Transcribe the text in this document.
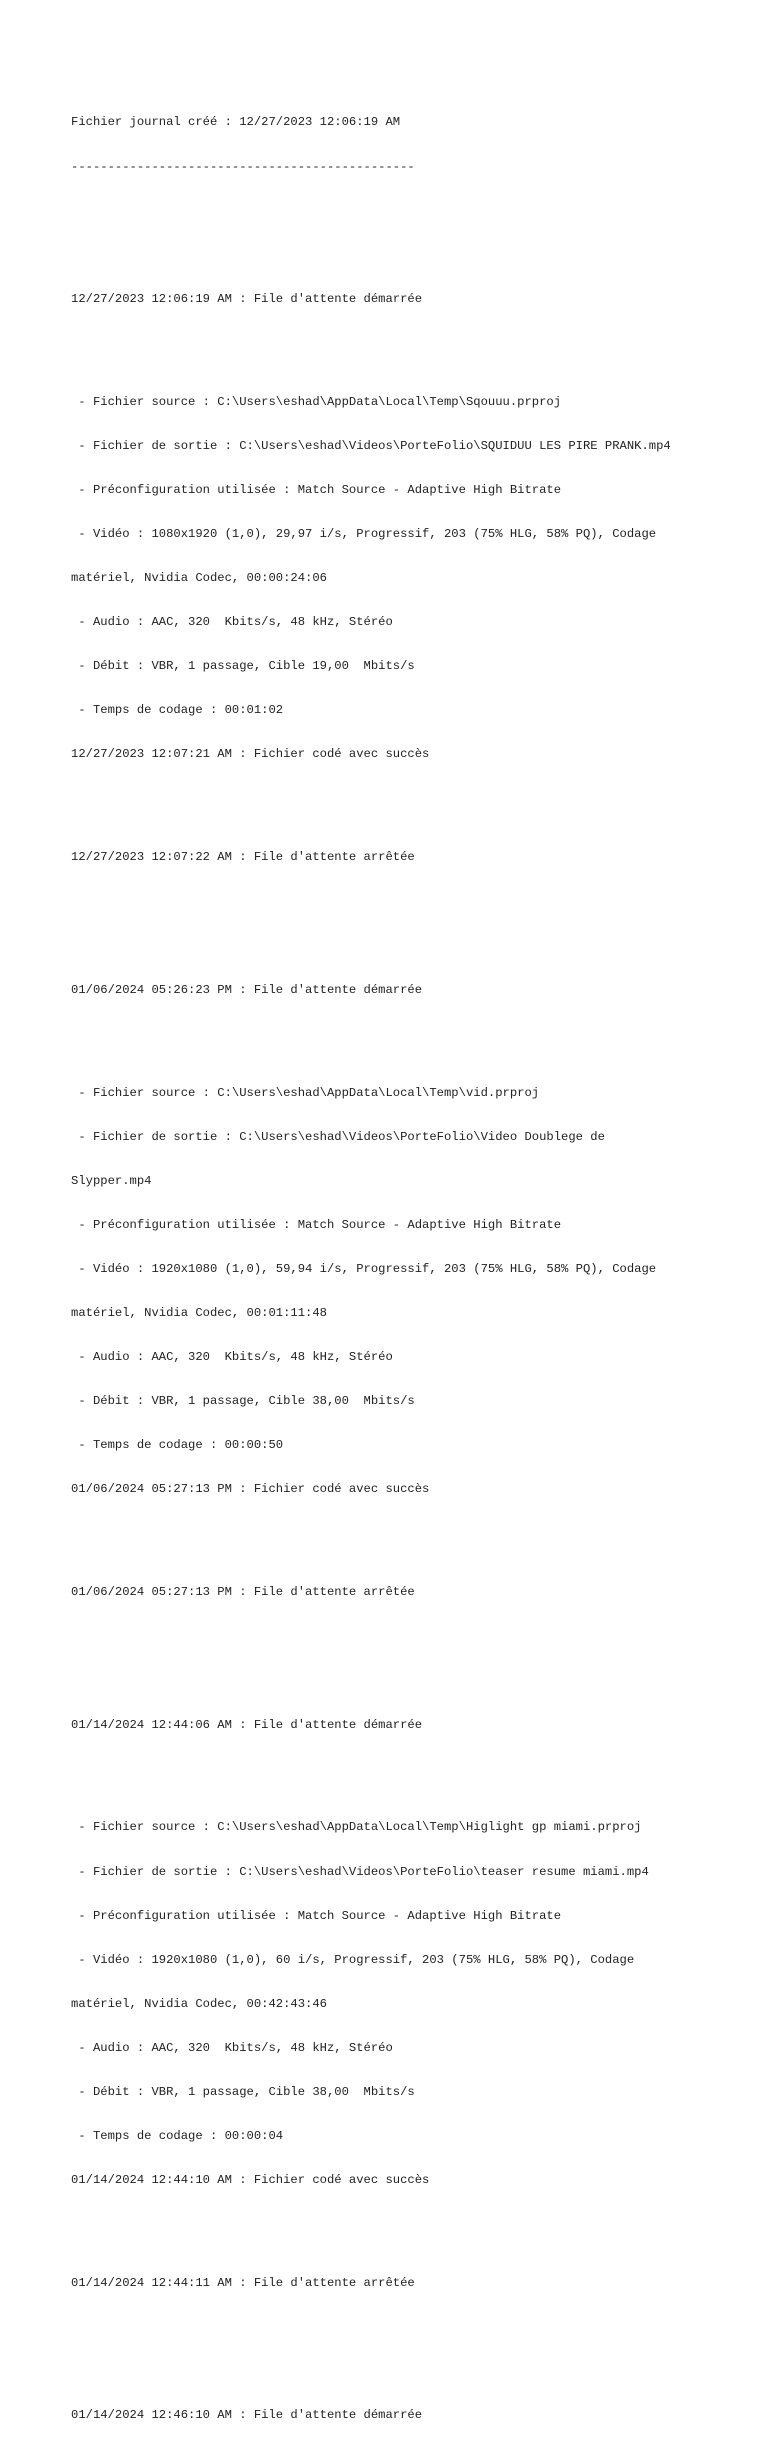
Fichier journal créé : 12/27/2023 12:06:19 AM

-----------------------------------------------

12/27/2023 12:06:19 AM : File d'attente démarrée

- Fichier source : C:\Users\eshad\AppData\Local\Temp\Sqouuu.prproj

- Fichier de sortie : C:\Users\eshad\Videos\PorteFolio\SQUIDUU LES PIRE PRANK.mp4

- Préconfiguration utilisée : Match Source - Adaptive High Bitrate

- Vidéo : 1080x1920 (1,0), 29,97 i/s, Progressif, 203 (75% HLG, 58% PQ), Codage

matériel, Nvidia Codec, 00:00:24:06

- Audio : AAC, 320  Kbits/s, 48 kHz, Stéréo

- Débit : VBR, 1 passage, Cible 19,00  Mbits/s

- Temps de codage : 00:01:02

12/27/2023 12:07:21 AM : Fichier codé avec succès

12/27/2023 12:07:22 AM : File d'attente arrêtée

01/06/2024 05:26:23 PM : File d'attente démarrée

- Fichier source : C:\Users\eshad\AppData\Local\Temp\vid.prproj

- Fichier de sortie : C:\Users\eshad\Videos\PorteFolio\Video Doublege de

Slypper.mp4

- Préconfiguration utilisée : Match Source - Adaptive High Bitrate

- Vidéo : 1920x1080 (1,0), 59,94 i/s, Progressif, 203 (75% HLG, 58% PQ), Codage

matériel, Nvidia Codec, 00:01:11:48

- Audio : AAC, 320  Kbits/s, 48 kHz, Stéréo

- Débit : VBR, 1 passage, Cible 38,00  Mbits/s

- Temps de codage : 00:00:50

01/06/2024 05:27:13 PM : Fichier codé avec succès

01/06/2024 05:27:13 PM : File d'attente arrêtée

01/14/2024 12:44:06 AM : File d'attente démarrée

- Fichier source : C:\Users\eshad\AppData\Local\Temp\Higlight gp miami.prproj

- Fichier de sortie : C:\Users\eshad\Videos\PorteFolio\teaser resume miami.mp4

- Préconfiguration utilisée : Match Source - Adaptive High Bitrate

- Vidéo : 1920x1080 (1,0), 60 i/s, Progressif, 203 (75% HLG, 58% PQ), Codage

matériel, Nvidia Codec, 00:42:43:46

- Audio : AAC, 320  Kbits/s, 48 kHz, Stéréo

- Débit : VBR, 1 passage, Cible 38,00  Mbits/s

- Temps de codage : 00:00:04

01/14/2024 12:44:10 AM : Fichier codé avec succès

01/14/2024 12:44:11 AM : File d'attente arrêtée

01/14/2024 12:46:10 AM : File d'attente démarrée
